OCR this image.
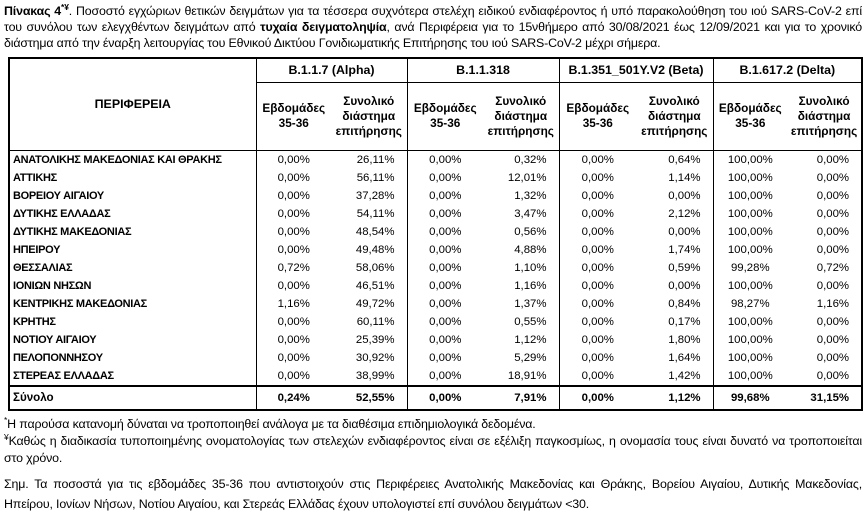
Πίνακας 4*¥. Ποσοστό εγχώριων θετικών δειγμάτων για τα τέσσερα συχνότερα στελέχη ειδικού ενδιαφέροντος ή υπό παρακολούθηση του ιού SARS-CoV-2 επί του συνόλου των ελεγχθέντων δειγμάτων από τυχαία δειγματοληψία, ανά Περιφέρεια για το 15νθήμερο από 30/08/2021 έως 12/09/2021 και για το χρονικό διάστημα από την έναρξη λειτουργίας του Εθνικού Δικτύου Γονιδιωματικής Επιτήρησης του ιού SARS-CoV-2 μέχρι σήμερα.

ΠΕΡΙΦΕΡΕΙΑ	B.1.1.7 (Alpha)		B.1.1.318		B.1.351_501Y.V2 (Beta)		B.1.617.2 (Delta)	
	Εβδομάδες 35-36	Συνολικό διάστημα επιτήρησης	Εβδομάδες 35-36	Συνολικό διάστημα επιτήρησης	Εβδομάδες 35-36	Συνολικό διάστημα επιτήρησης	Εβδομάδες 35-36	Συνολικό διάστημα επιτήρησης
ΑΝΑΤΟΛΙΚΗΣ ΜΑΚΕΔΟΝΙΑΣ ΚΑΙ ΘΡΑΚΗΣ	0,00%	26,11%	0,00%	0,32%	0,00%	0,64%	100,00%	0,00%
ΑΤΤΙΚΗΣ	0,00%	56,11%	0,00%	12,01%	0,00%	1,14%	100,00%	0,00%
ΒΟΡΕΙΟΥ ΑΙΓΑΙΟΥ	0,00%	37,28%	0,00%	1,32%	0,00%	0,00%	100,00%	0,00%
ΔΥΤΙΚΗΣ ΕΛΛΑΔΑΣ	0,00%	54,11%	0,00%	3,47%	0,00%	2,12%	100,00%	0,00%
ΔΥΤΙΚΗΣ ΜΑΚΕΔΟΝΙΑΣ	0,00%	48,54%	0,00%	0,56%	0,00%	0,00%	100,00%	0,00%
ΗΠΕΙΡΟΥ	0,00%	49,48%	0,00%	4,88%	0,00%	1,74%	100,00%	0,00%
ΘΕΣΣΑΛΙΑΣ	0,72%	58,06%	0,00%	1,10%	0,00%	0,59%	99,28%	0,72%
ΙΟΝΙΩΝ ΝΗΣΩΝ	0,00%	46,51%	0,00%	1,16%	0,00%	0,00%	100,00%	0,00%
ΚΕΝΤΡΙΚΗΣ ΜΑΚΕΔΟΝΙΑΣ	1,16%	49,72%	0,00%	1,37%	0,00%	0,84%	98,27%	1,16%
ΚΡΗΤΗΣ	0,00%	60,11%	0,00%	0,55%	0,00%	0,17%	100,00%	0,00%
ΝΟΤΙΟΥ ΑΙΓΑΙΟΥ	0,00%	25,39%	0,00%	1,12%	0,00%	1,80%	100,00%	0,00%
ΠΕΛΟΠΟΝΝΗΣΟΥ	0,00%	30,92%	0,00%	5,29%	0,00%	1,64%	100,00%	0,00%
ΣΤΕΡΕΑΣ ΕΛΛΑΔΑΣ	0,00%	38,99%	0,00%	18,91%	0,00%	1,42%	100,00%	0,00%
Σύνολο	0,24%	52,55%	0,00%	7,91%	0,00%	1,12%	99,68%	31,15%

*Η παρούσα κατανομή δύναται να τροποποιηθεί ανάλογα με τα διαθέσιμα επιδημιολογικά δεδομένα.

¥Καθώς η διαδικασία τυποποιημένης ονοματολογίας των στελεχών ενδιαφέροντος είναι σε εξέλιξη παγκοσμίως, η ονομασία τους είναι δυνατό να τροποποιείται στο χρόνο.

Σημ. Τα ποσοστά για τις εβδομάδες 35-36 που αντιστοιχούν στις Περιφέρειες Ανατολικής Μακεδονίας και Θράκης, Βορείου Αιγαίου, Δυτικής Μακεδονίας, Ηπείρου, Ιονίων Νήσων, Νοτίου Αιγαίου, και Στερεάς Ελλάδας έχουν υπολογιστεί επί συνόλου δειγμάτων <30.
